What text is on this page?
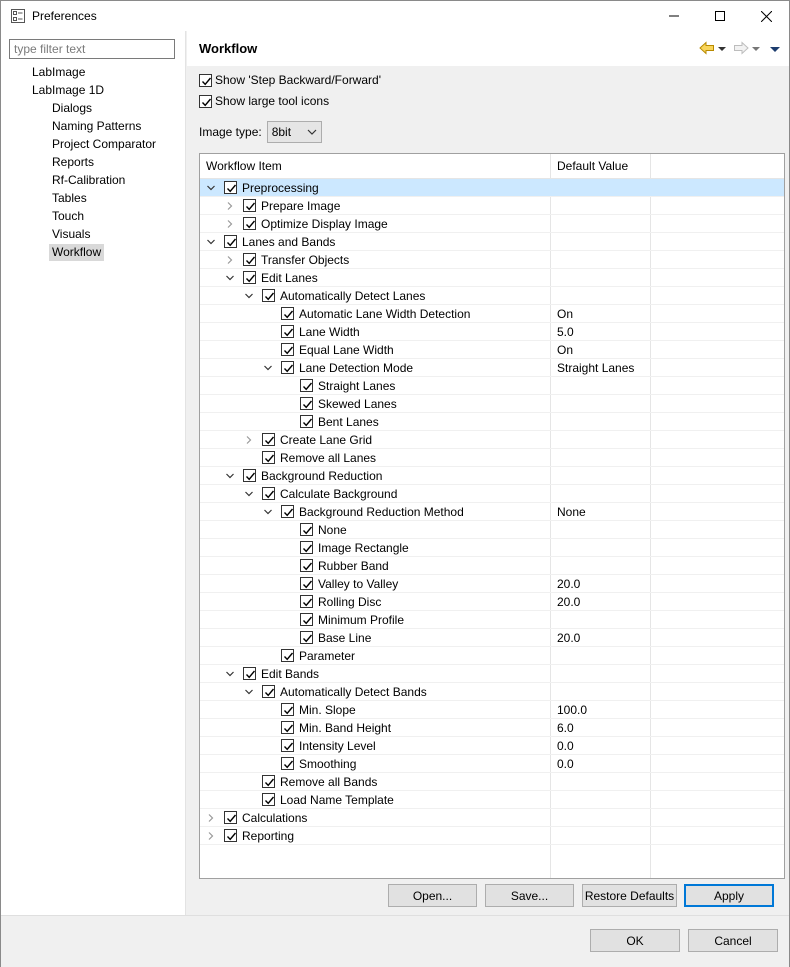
Preferences
type filter text
LabImage
LabImage 1D
Dialogs
Naming Patterns
Project Comparator
Reports
Rf-Calibration
Tables
Touch
Visuals
Workflow
Workflow
Show 'Step Backward/Forward'
Show large tool icons
Image type: 8bit
Workflow Item	Default Value
Preprocessing
Prepare Image
Optimize Display Image
Lanes and Bands
Transfer Objects
Edit Lanes
Automatically Detect Lanes
Automatic Lane Width Detection	On
Lane Width	5.0
Equal Lane Width	On
Lane Detection Mode	Straight Lanes
Straight Lanes
Skewed Lanes
Bent Lanes
Create Lane Grid
Remove all Lanes
Background Reduction
Calculate Background
Background Reduction Method	None
None
Image Rectangle
Rubber Band
Valley to Valley	20.0
Rolling Disc	20.0
Minimum Profile
Base Line	20.0
Parameter
Edit Bands
Automatically Detect Bands
Min. Slope	100.0
Min. Band Height	6.0
Intensity Level	0.0
Smoothing	0.0
Remove all Bands
Load Name Template
Calculations
Reporting
Open...	Save...	Restore Defaults	Apply
OK	Cancel
